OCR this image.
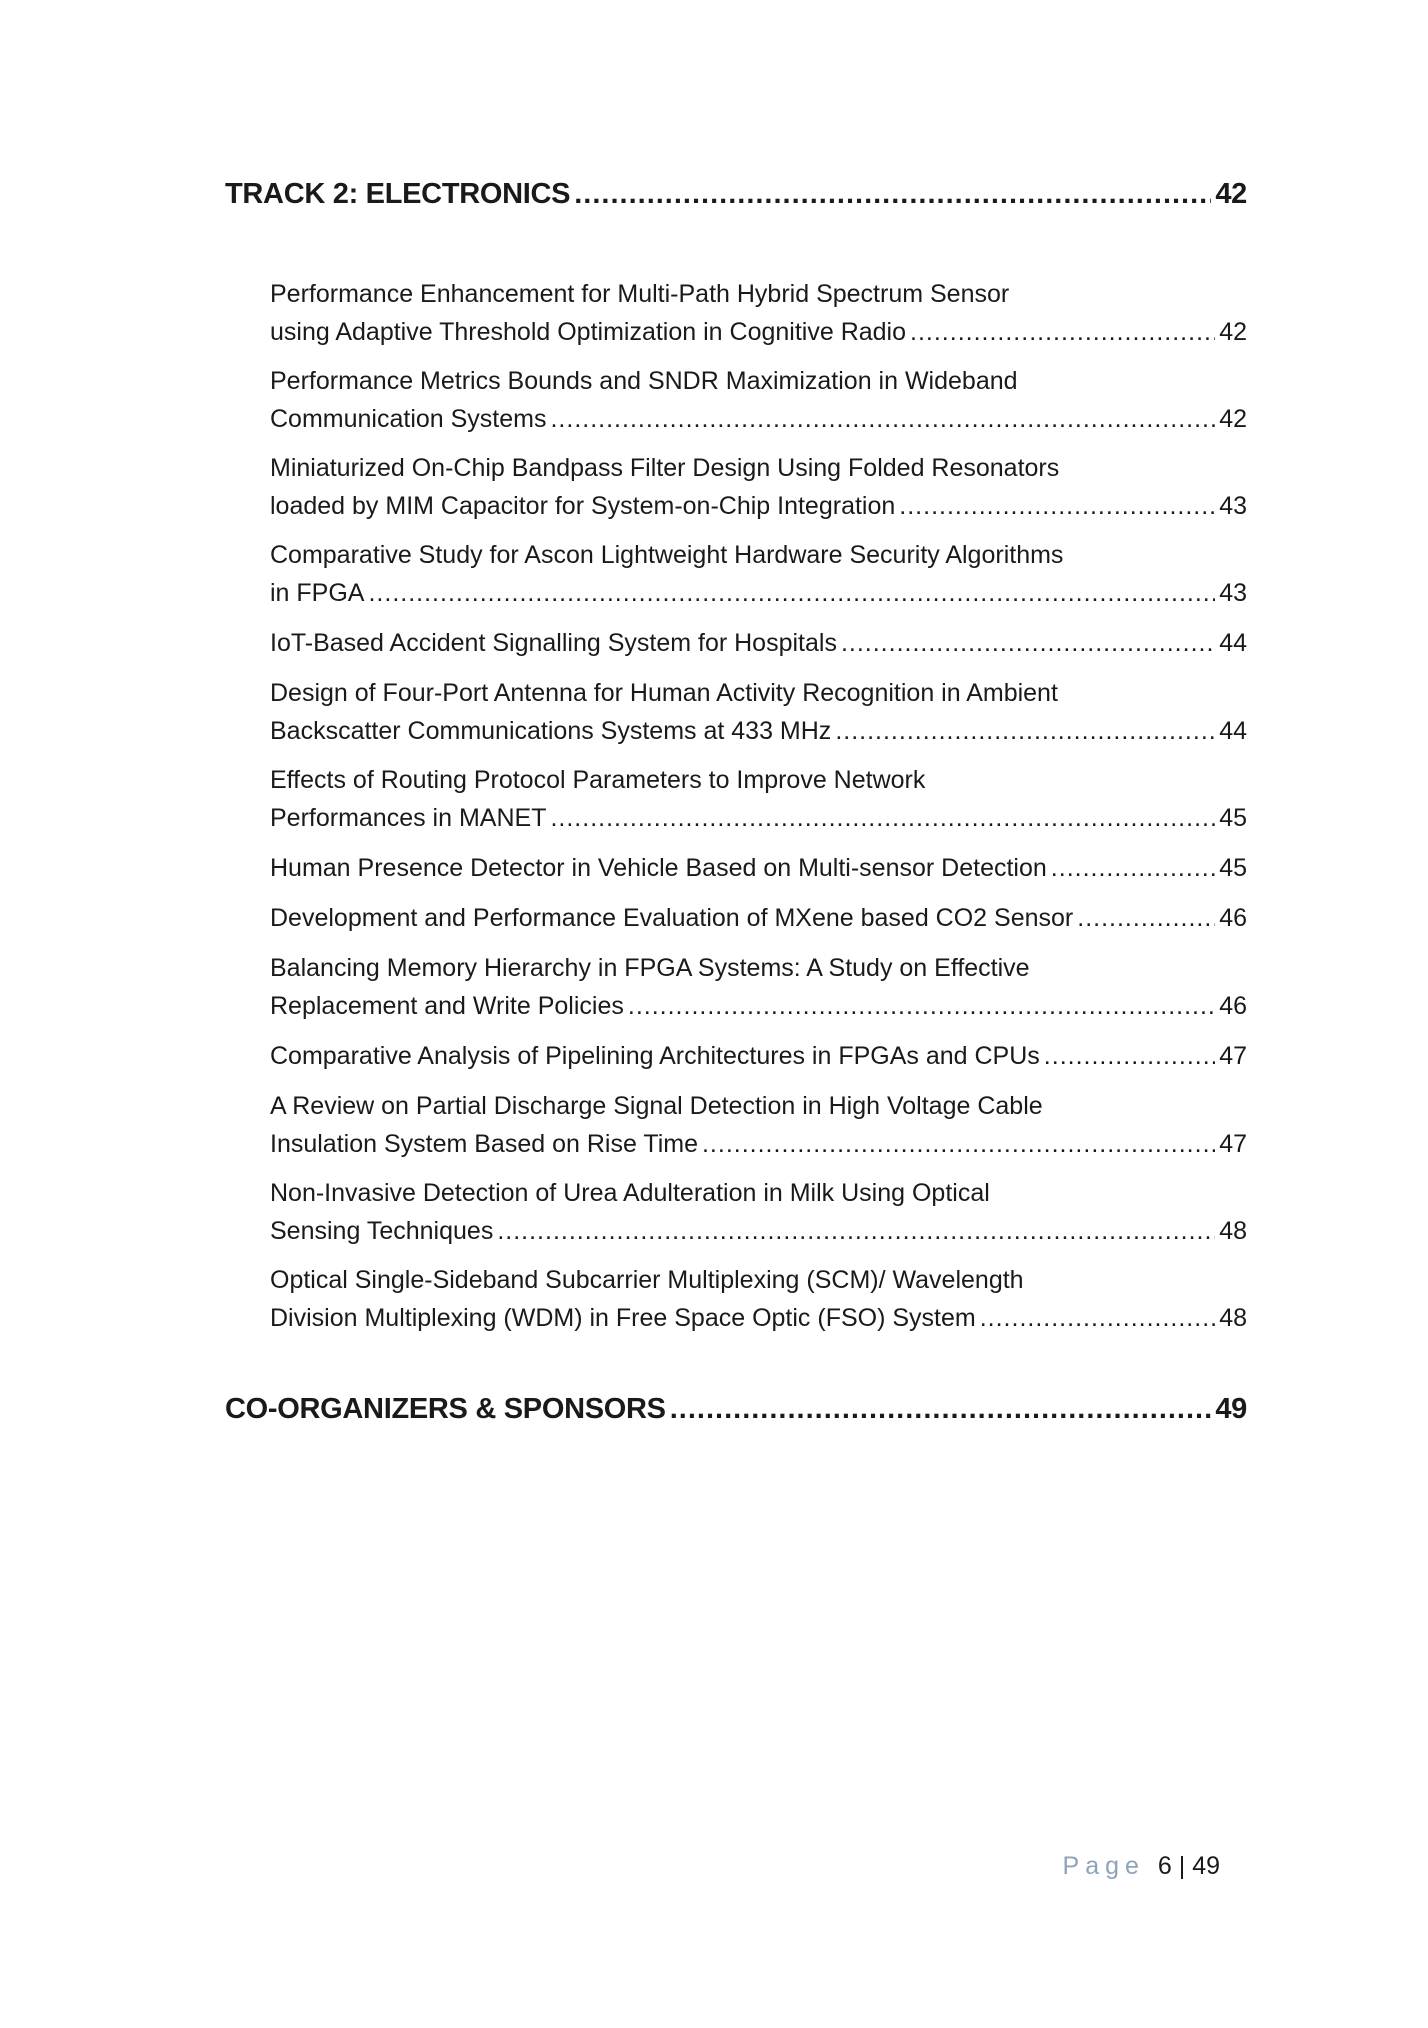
TRACK 2: ELECTRONICS .....	42
Performance Enhancement for Multi-Path Hybrid Spectrum Sensor
using Adaptive Threshold Optimization in Cognitive Radio .....	42
Performance Metrics Bounds and SNDR Maximization in Wideband
Communication Systems .....	42
Miniaturized On-Chip Bandpass Filter Design Using Folded Resonators
loaded by MIM Capacitor for System-on-Chip Integration .....	43
Comparative Study for Ascon Lightweight Hardware Security Algorithms
in FPGA .....	43
IoT-Based Accident Signalling System for Hospitals .....	44
Design of Four-Port Antenna for Human Activity Recognition in Ambient
Backscatter Communications Systems at 433 MHz .....	44
Effects of Routing Protocol Parameters to Improve Network
Performances in MANET .....	45
Human Presence Detector in Vehicle Based on Multi-sensor Detection .....	45
Development and Performance Evaluation of MXene based CO2 Sensor .....	46
Balancing Memory Hierarchy in FPGA Systems: A Study on Effective
Replacement and Write Policies .....	46
Comparative Analysis of Pipelining Architectures in FPGAs and CPUs .....	47
A Review on Partial Discharge Signal Detection in High Voltage Cable
Insulation System Based on Rise Time .....	47
Non-Invasive Detection of Urea Adulteration in Milk Using Optical
Sensing Techniques .....	48
Optical Single-Sideband Subcarrier Multiplexing (SCM)/ Wavelength
Division Multiplexing (WDM) in Free Space Optic (FSO) System .....	48
CO-ORGANIZERS & SPONSORS .....	49
Page 6 | 49
